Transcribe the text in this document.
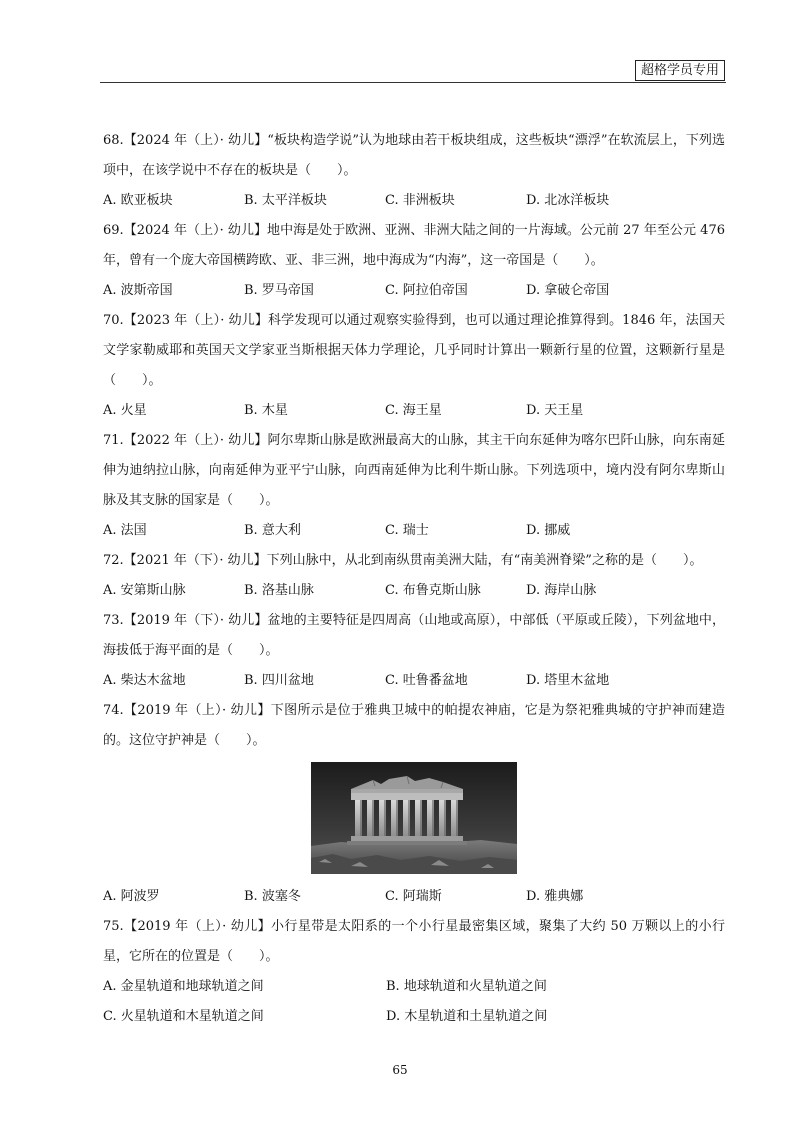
超格学员专用

68.【2024 年（上）· 幼儿】“板块构造学说”认为地球由若干板块组成，这些板块“漂浮”在软流层上，下列选项中，在该学说中不存在的板块是（　　）。

A. 欧亚板块	B. 太平洋板块	C. 非洲板块	D. 北冰洋板块

69.【2024 年（上）· 幼儿】地中海是处于欧洲、亚洲、非洲大陆之间的一片海域。公元前 27 年至公元 476 年，曾有一个庞大帝国横跨欧、亚、非三洲，地中海成为“内海”，这一帝国是（　　）。

A. 波斯帝国	B. 罗马帝国	C. 阿拉伯帝国	D. 拿破仑帝国

70.【2023 年（上）· 幼儿】科学发现可以通过观察实验得到，也可以通过理论推算得到。1846 年，法国天文学家勒威耶和英国天文学家亚当斯根据天体力学理论，几乎同时计算出一颗新行星的位置，这颗新行星是（　　）。

A. 火星	B. 木星	C. 海王星	D. 天王星

71.【2022 年（上）· 幼儿】阿尔卑斯山脉是欧洲最高大的山脉，其主干向东延伸为喀尔巴阡山脉，向东南延伸为迪纳拉山脉，向南延伸为亚平宁山脉，向西南延伸为比利牛斯山脉。下列选项中，境内没有阿尔卑斯山脉及其支脉的国家是（　　）。

A. 法国	B. 意大利	C. 瑞士	D. 挪威

72.【2021 年（下）· 幼儿】下列山脉中，从北到南纵贯南美洲大陆，有“南美洲脊梁”之称的是（　　）。

A. 安第斯山脉	B. 洛基山脉	C. 布鲁克斯山脉	D. 海岸山脉

73.【2019 年（下）· 幼儿】盆地的主要特征是四周高（山地或高原），中部低（平原或丘陵），下列盆地中，海拔低于海平面的是（　　）。

A. 柴达木盆地	B. 四川盆地	C. 吐鲁番盆地	D. 塔里木盆地

74.【2019 年（上）· 幼儿】下图所示是位于雅典卫城中的帕提农神庙，它是为祭祀雅典城的守护神而建造的。这位守护神是（　　）。

A. 阿波罗	B. 波塞冬	C. 阿瑞斯	D. 雅典娜

75.【2019 年（上）· 幼儿】小行星带是太阳系的一个小行星最密集区域，聚集了大约 50 万颗以上的小行星，它所在的位置是（　　）。

A. 金星轨道和地球轨道之间	B. 地球轨道和火星轨道之间
C. 火星轨道和木星轨道之间	D. 木星轨道和土星轨道之间
65
